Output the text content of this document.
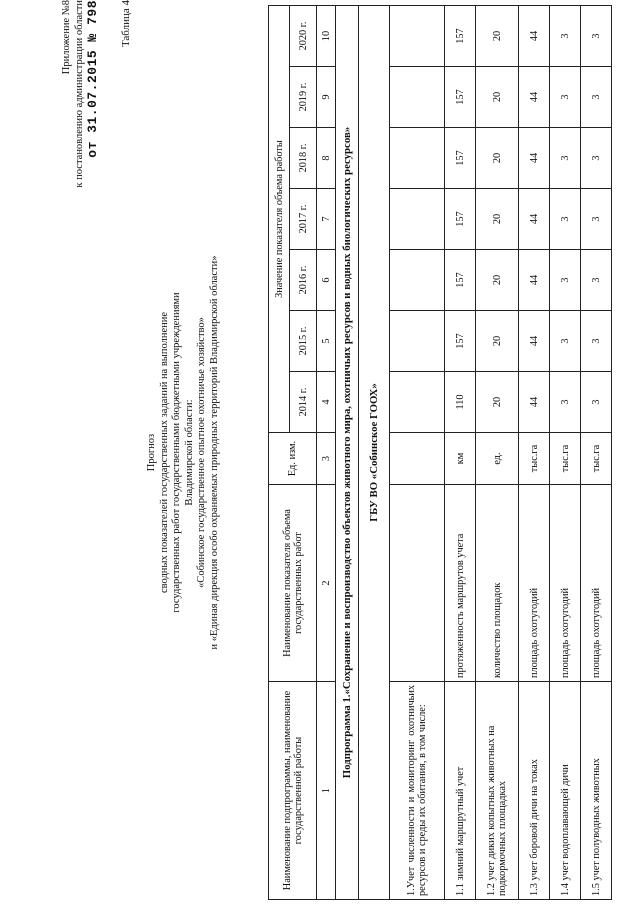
Приложение №8 к постановлению администрации области от 31.07.2015 № 798 Таблица 4
Прогноз сводных показателей государственных заданий на выполнение государственных работ государственными бюджетными учреждениями Владимирской области: «Собинское государственное опытное охотничье хозяйство» и «Единая дирекция особо охраняемых природных территорий Владимирской области»
Наименование подпрограммы, наименование государственной работы	Наименование показателя объема государственных работ	Ед. изм.	Значение показателя объема работы						
			2014 г.	2015 г.	2016 г.	2017 г.	2018 г.	2019 г.	2020 г.
1	2	3	4	5	6	7	8	9	10
Подпрограмма 1.«Сохранение и воспроизводство объектов животного мира, охотничьих ресурсов и водных биологических ресурсов»									
ГБУ ВО «Собинское ГООХ»									
1.Учет численности и мониторинг охотничьих ресурсов и среды их обитания, в том числе:									
1.1 зимний маршрутный учет	протяженность маршрутов учета	км	110	157	157	157	157	157	157
1.2 учет диких копытных животных на подкормочных площадках	количество площадок	ед.	20	20	20	20	20	20	20
1.3 учет боровой дичи на токах	площадь охотугодий	тыс.га	44	44	44	44	44	44	44
1.4 учет водоплавающей дичи	площадь охотугодий	тыс.га	3	3	3	3	3	3	3
1.5 учет полуводных животных	площадь охотугодий	тыс.га	3	3	3	3	3	3	3
